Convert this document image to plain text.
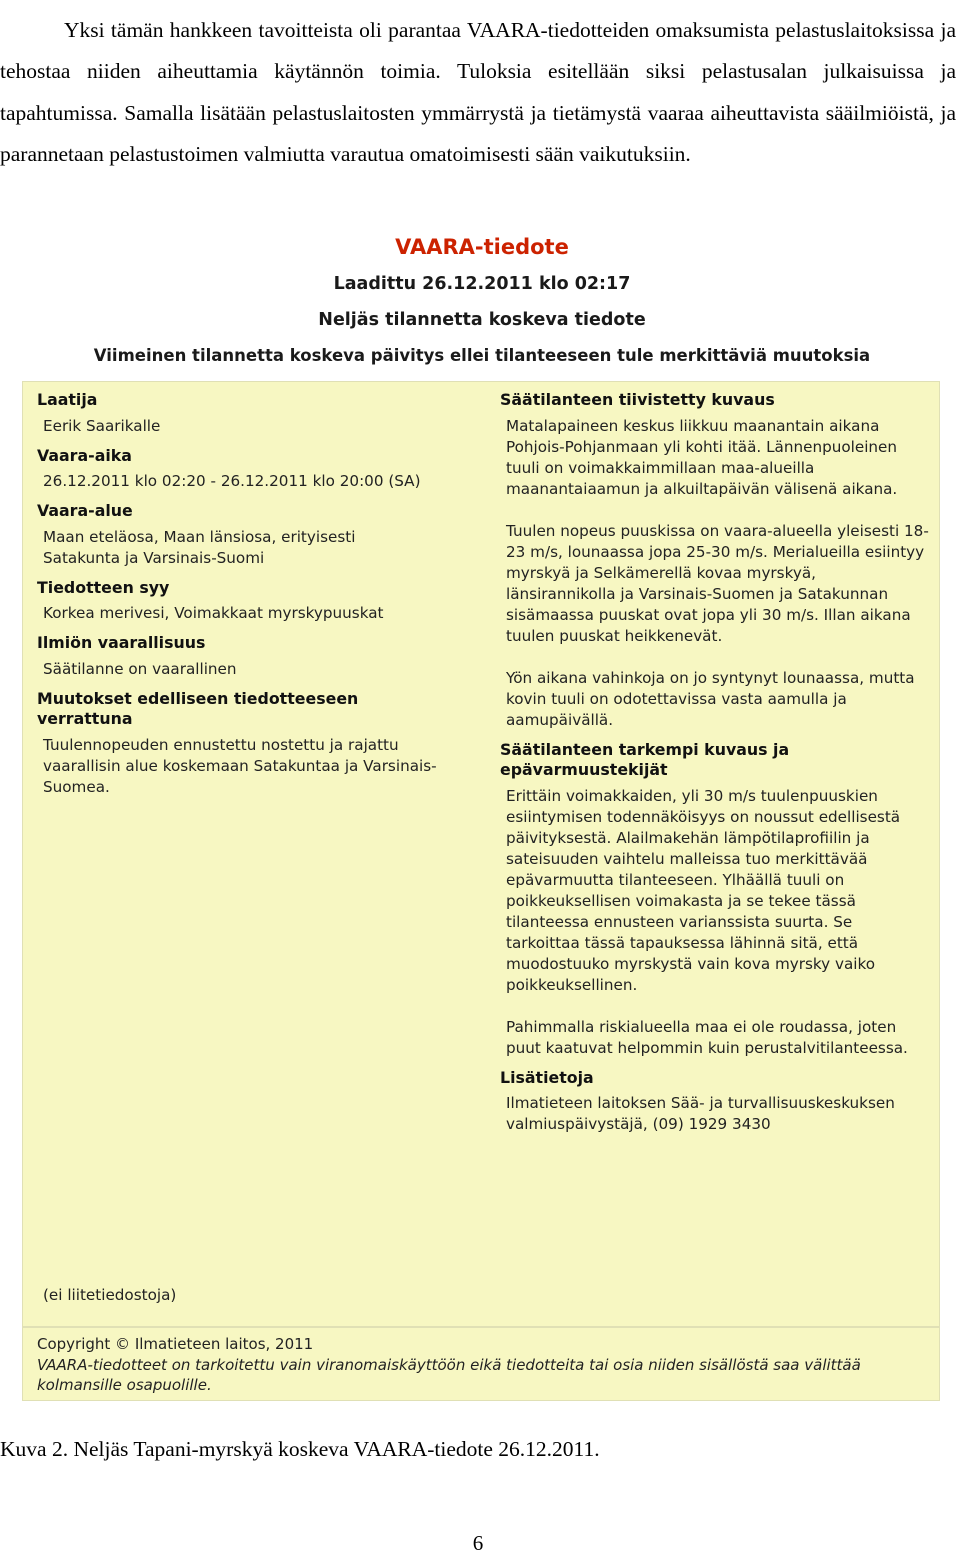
Yksi tämän hankkeen tavoitteista oli parantaa VAARA-tiedotteiden omaksumista pelastuslaitoksissa ja tehostaa niiden aiheuttamia käytännön toimia. Tuloksia esitellään siksi pelastusalan julkaisuissa ja tapahtumissa. Samalla lisätään pelastuslaitosten ymmärrystä ja tietämystä vaaraa aiheuttavista sääilmiöistä, ja parannetaan pelastustoimen valmiutta varautua omatoimisesti sään vaikutuksiin.

VAARA-tiedote
Laadittu 26.12.2011 klo 02:17
Neljäs tilannetta koskeva tiedote
Viimeinen tilannetta koskeva päivitys ellei tilanteeseen tule merkittäviä muutoksia
Laatija
Eerik Saarikalle
Vaara-aika
26.12.2011 klo 02:20 - 26.12.2011 klo 20:00 (SA)
Vaara-alue
Maan eteläosa, Maan länsiosa, erityisesti Satakunta ja Varsinais-Suomi
Tiedotteen syy
Korkea merivesi, Voimakkaat myrskypuuskat
Ilmiön vaarallisuus
Säätilanne on vaarallinen
Muutokset edelliseen tiedotteeseen verrattuna
Tuulennopeuden ennustettu nostettu ja rajattu vaarallisin alue koskemaan Satakuntaa ja Varsinais-Suomea.
Säätilanteen tiivistetty kuvaus

Matalapaineen keskus liikkuu maanantain aikana Pohjois-Pohjanmaan yli kohti itää. Lännenpuoleinen tuuli on voimakkaimmillaan maa-alueilla maanantaiaamun ja alkuiltapäivän välisenä aikana.

Tuulen nopeus puuskissa on vaara-alueella yleisesti 18-23 m/s, lounaassa jopa 25-30 m/s. Merialueilla esiintyy myrskyä ja Selkämerellä kovaa myrskyä, länsirannikolla ja Varsinais-Suomen ja Satakunnan sisämaassa puuskat ovat jopa yli 30 m/s. Illan aikana tuulen puuskat heikkenevät.

Yön aikana vahinkoja on jo syntynyt lounaassa, mutta kovin tuuli on odotettavissa vasta aamulla ja aamupäivällä.

Säätilanteen tarkempi kuvaus ja epävarmuustekijät

Erittäin voimakkaiden, yli 30 m/s tuulenpuuskien esiintymisen todennäköisyys on noussut edellisestä päivityksestä. Alailmakehän lämpötilaprofiilin ja sateisuuden vaihtelu malleissa tuo merkittävää epävarmuutta tilanteeseen. Ylhäällä tuuli on poikkeuksellisen voimakasta ja se tekee tässä tilanteessa ennusteen varianssista suurta. Se tarkoittaa tässä tapauksessa lähinnä sitä, että muodostuuko myrskystä vain kova myrsky vaiko poikkeuksellinen.

Pahimmalla riskialueella maa ei ole roudassa, joten puut kaatuvat helpommin kuin perustalvitilanteessa.

Lisätietoja
Ilmatieteen laitoksen Sää- ja turvallisuuskeskuksen valmiuspäivystäjä, (09) 1929 3430
(ei liitetiedostoja)
Copyright © Ilmatieteen laitos, 2011
VAARA-tiedotteet on tarkoitettu vain viranomaiskäyttöön eikä tiedotteita tai osia niiden sisällöstä saa välittää kolmansille osapuolille.
Kuva 2. Neljäs Tapani-myrskyä koskeva VAARA-tiedote 26.12.2011.
6
